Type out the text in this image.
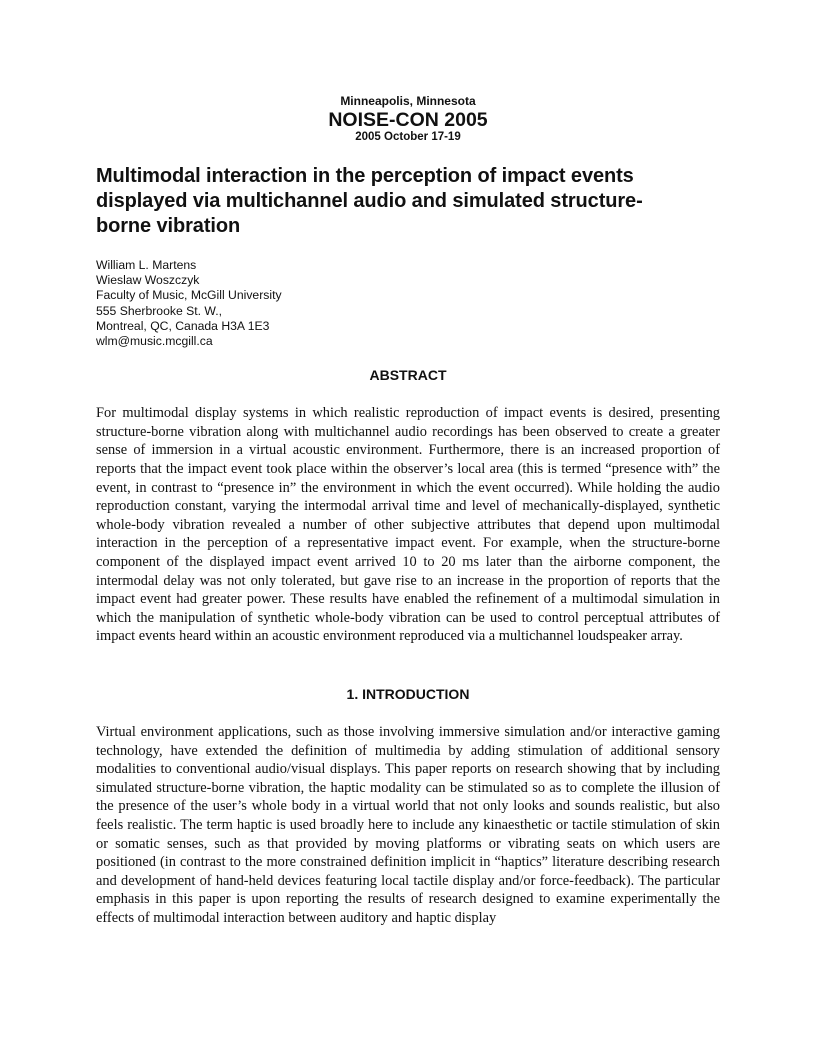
Minneapolis, Minnesota
NOISE-CON 2005
2005 October 17-19
Multimodal interaction in the perception of impact events
displayed via multichannel audio and simulated structure-
borne vibration
William L. Martens
Wieslaw Woszczyk
Faculty of Music, McGill University
555 Sherbrooke St. W.,
Montreal, QC, Canada H3A 1E3
wlm@music.mcgill.ca
ABSTRACT

For multimodal display systems in which realistic reproduction of impact events is desired, presenting structure-borne vibration along with multichannel audio recordings has been observed to create a greater sense of immersion in a virtual acoustic environment. Furthermore, there is an increased proportion of reports that the impact event took place within the observer’s local area (this is termed “presence with” the event, in contrast to “presence in” the environment in which the event occurred). While holding the audio reproduction constant, varying the intermodal arrival time and level of mechanically-displayed, synthetic whole-body vibration revealed a number of other subjective attributes that depend upon multimodal interaction in the perception of a representative impact event. For example, when the structure-borne component of the displayed impact event arrived 10 to 20 ms later than the airborne component, the intermodal delay was not only tolerated, but gave rise to an increase in the proportion of reports that the impact event had greater power. These results have enabled the refinement of a multimodal simulation in which the manipulation of synthetic whole-body vibration can be used to control perceptual attributes of impact events heard within an acoustic environment reproduced via a multichannel loudspeaker array.

1. INTRODUCTION

Virtual environment applications, such as those involving immersive simulation and/or interactive gaming technology, have extended the definition of multimedia by adding stimulation of additional sensory modalities to conventional audio/visual displays. This paper reports on research showing that by including simulated structure-borne vibration, the haptic modality can be stimulated so as to complete the illusion of the presence of the user’s whole body in a virtual world that not only looks and sounds realistic, but also feels realistic. The term haptic is used broadly here to include any kinaesthetic or tactile stimulation of skin or somatic senses, such as that provided by moving platforms or vibrating seats on which users are positioned (in contrast to the more constrained definition implicit in “haptics” literature describing research and development of hand-held devices featuring local tactile display and/or force-feedback). The particular emphasis in this paper is upon reporting the results of research designed to examine experimentally the effects of multimodal interaction between auditory and haptic display
